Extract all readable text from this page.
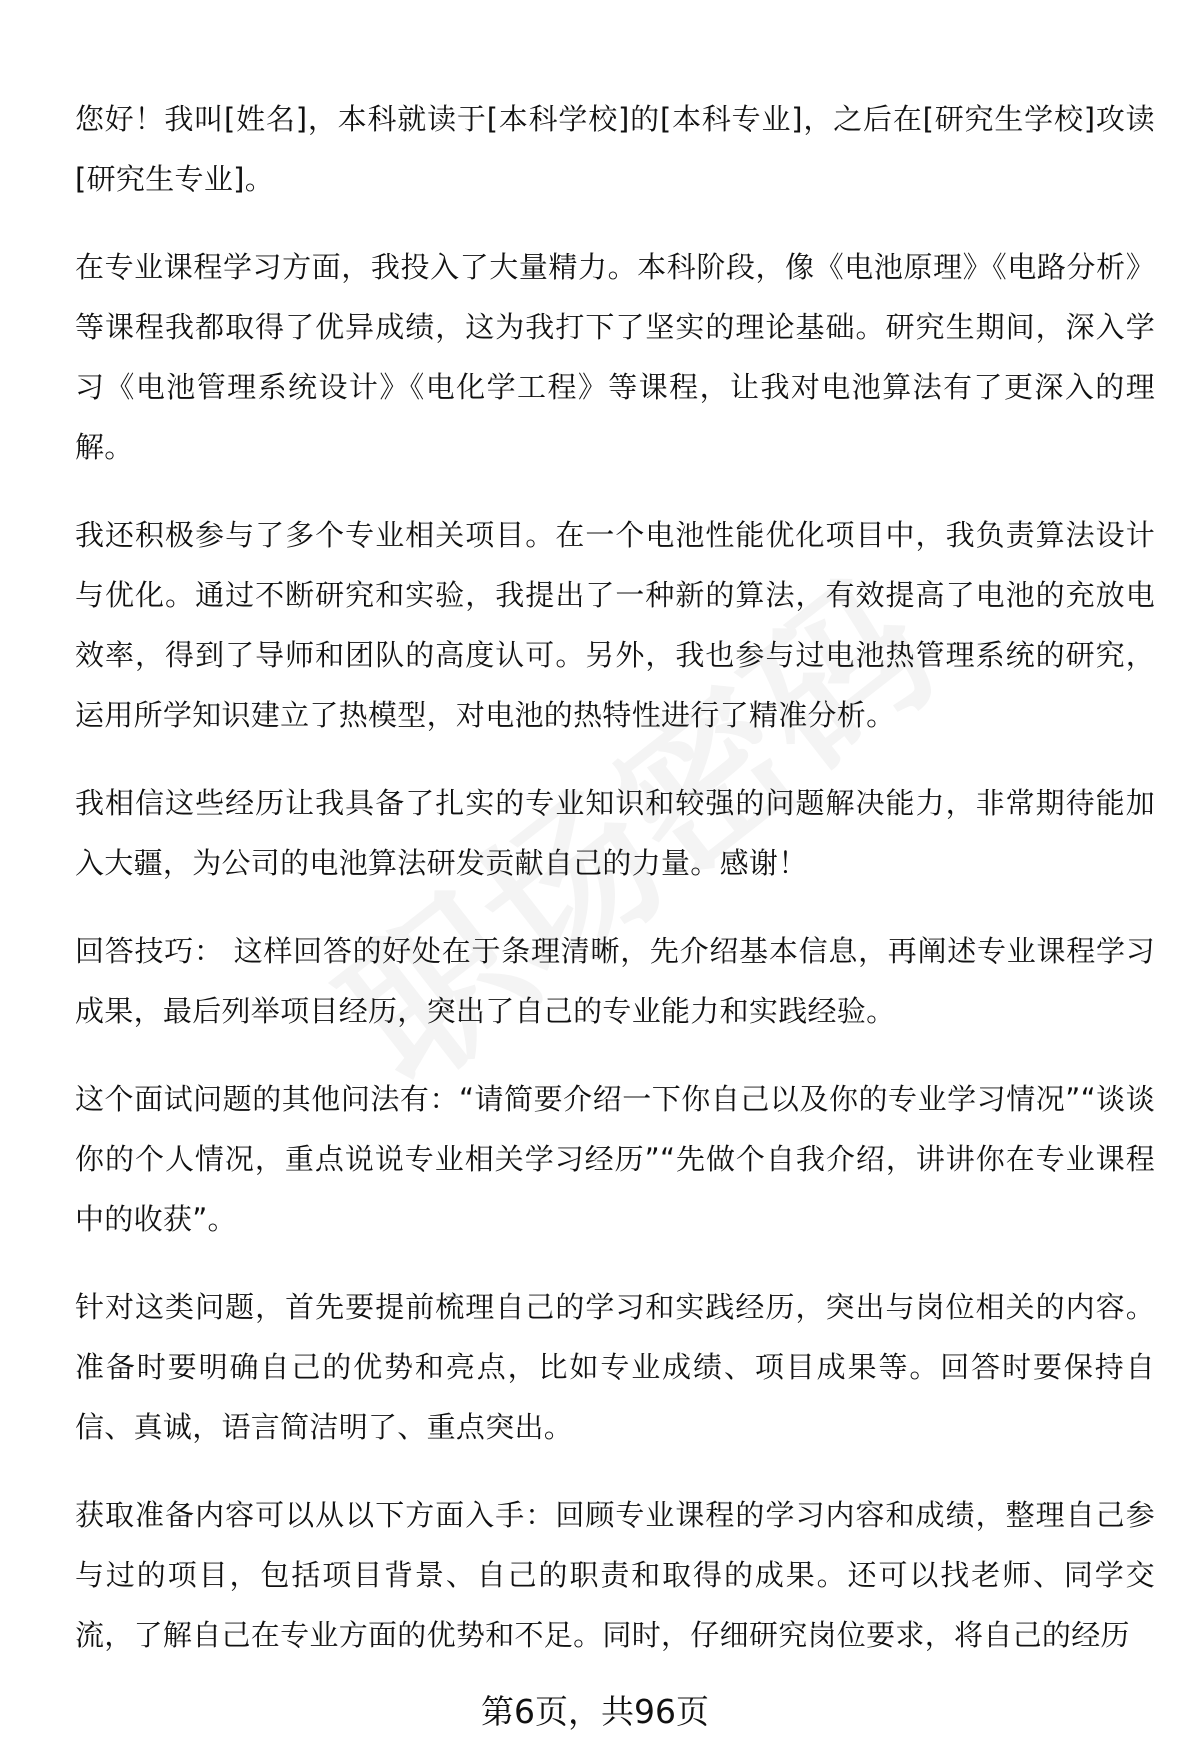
您好！我叫[姓名]，本科就读于[本科学校]的[本科专业]，之后在[研究生学校]攻读[研究生专业]。

在专业课程学习方面，我投入了大量精力。本科阶段，像《电池原理》《电路分析》等课程我都取得了优异成绩，这为我打下了坚实的理论基础。研究生期间，深入学习《电池管理系统设计》《电化学工程》等课程，让我对电池算法有了更深入的理解。

我还积极参与了多个专业相关项目。在一个电池性能优化项目中，我负责算法设计与优化。通过不断研究和实验，我提出了一种新的算法，有效提高了电池的充放电效率，得到了导师和团队的高度认可。另外，我也参与过电池热管理系统的研究，运用所学知识建立了热模型，对电池的热特性进行了精准分析。

我相信这些经历让我具备了扎实的专业知识和较强的问题解决能力，非常期待能加入大疆，为公司的电池算法研发贡献自己的力量。感谢！

回答技巧： 这样回答的好处在于条理清晰，先介绍基本信息，再阐述专业课程学习成果，最后列举项目经历，突出了自己的专业能力和实践经验。

这个面试问题的其他问法有：“请简要介绍一下你自己以及你的专业学习情况”“谈谈你的个人情况，重点说说专业相关学习经历”“先做个自我介绍，讲讲你在专业课程中的收获”。

针对这类问题，首先要提前梳理自己的学习和实践经历，突出与岗位相关的内容。准备时要明确自己的优势和亮点，比如专业成绩、项目成果等。回答时要保持自信、真诚，语言简洁明了、重点突出。

获取准备内容可以从以下方面入手：回顾专业课程的学习内容和成绩，整理自己参与过的项目，包括项目背景、自己的职责和取得的成果。还可以找老师、同学交流，了解自己在专业方面的优势和不足。同时，仔细研究岗位要求，将自己的经历

第6页，共96页
